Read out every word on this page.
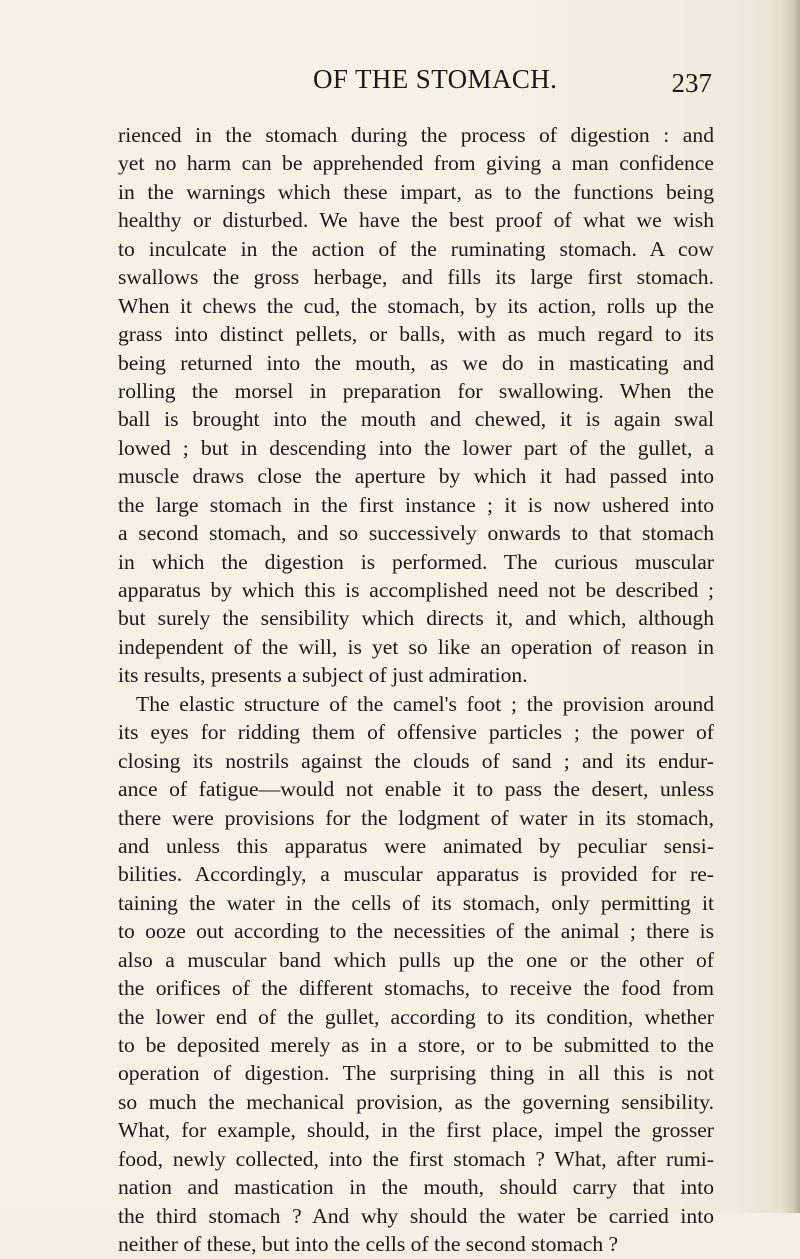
OF THE STOMACH.	237
rienced in the stomach during the process of digestion : and
yet no harm can be apprehended from giving a man confidence
in the warnings which these impart, as to the functions being
healthy or disturbed. We have the best proof of what we wish
to inculcate in the action of the ruminating stomach. A cow
swallows the gross herbage, and fills its large first stomach.
When it chews the cud, the stomach, by its action, rolls up the
grass into distinct pellets, or balls, with as much regard to its
being returned into the mouth, as we do in masticating and
rolling the morsel in preparation for swallowing. When the
ball is brought into the mouth and chewed, it is again swal
lowed ; but in descending into the lower part of the gullet, a
muscle draws close the aperture by which it had passed into
the large stomach in the first instance ; it is now ushered into
a second stomach, and so successively onwards to that stomach
in which the digestion is performed. The curious muscular
apparatus by which this is accomplished need not be described ;
but surely the sensibility which directs it, and which, although
independent of the will, is yet so like an operation of reason in
its results, presents a subject of just admiration.
The elastic structure of the camel's foot ; the provision around
its eyes for ridding them of offensive particles ; the power of
closing its nostrils against the clouds of sand ; and its endur-
ance of fatigue—would not enable it to pass the desert, unless
there were provisions for the lodgment of water in its stomach,
and unless this apparatus were animated by peculiar sensi-
bilities. Accordingly, a muscular apparatus is provided for re-
taining the water in the cells of its stomach, only permitting it
to ooze out according to the necessities of the animal ; there is
also a muscular band which pulls up the one or the other of
the orifices of the different stomachs, to receive the food from
the lower end of the gullet, according to its condition, whether
to be deposited merely as in a store, or to be submitted to the
operation of digestion. The surprising thing in all this is not
so much the mechanical provision, as the governing sensibility.
What, for example, should, in the first place, impel the grosser
food, newly collected, into the first stomach ? What, after rumi-
nation and mastication in the mouth, should carry that into
the third stomach ? And why should the water be carried into
neither of these, but into the cells of the second stomach ?
